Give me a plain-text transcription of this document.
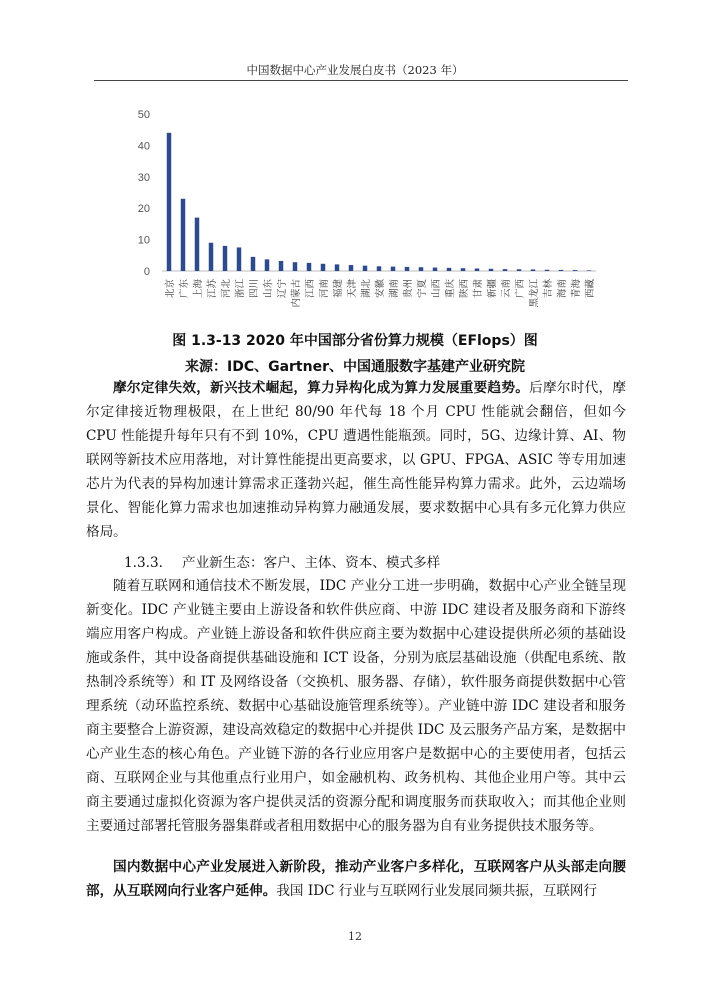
中国数据中心产业发展白皮书（2023 年）
0
10
20
30
40
50
北京 广东 上海 江苏 河北 浙江 四川 山东 辽宁 内蒙古 江西 河南 福建 天津 湖北 安徽 湖南 贵州 宁夏 山西 重庆 陕西 甘肃 新疆 云南 广西 黑龙江 吉林 海南 青海 西藏
图 1.3-13 2020 年中国部分省份算力规模（EFlops）图
来源：IDC、Gartner、中国通服数字基建产业研究院

摩尔定律失效，新兴技术崛起，算力异构化成为算力发展重要趋势。后摩尔时代，摩尔定律接近物理极限，在上世纪 80/90 年代每 18 个月 CPU 性能就会翻倍，但如今 CPU 性能提升每年只有不到 10%，CPU 遭遇性能瓶颈。同时，5G、边缘计算、AI、物联网等新技术应用落地，对计算性能提出更高要求，以 GPU、FPGA、ASIC 等专用加速芯片为代表的异构加速计算需求正蓬勃兴起，催生高性能异构算力需求。此外，云边端场景化、智能化算力需求也加速推动异构算力融通发展，要求数据中心具有多元化算力供应格局。

1.3.3. 产业新生态：客户、主体、资本、模式多样

随着互联网和通信技术不断发展，IDC 产业分工进一步明确，数据中心产业全链呈现新变化。IDC 产业链主要由上游设备和软件供应商、中游 IDC 建设者及服务商和下游终端应用客户构成。产业链上游设备和软件供应商主要为数据中心建设提供所必须的基础设施或条件，其中设备商提供基础设施和 ICT 设备，分别为底层基础设施（供配电系统、散热制冷系统等）和 IT 及网络设备（交换机、服务器、存储），软件服务商提供数据中心管理系统（动环监控系统、数据中心基础设施管理系统等）。产业链中游 IDC 建设者和服务商主要整合上游资源，建设高效稳定的数据中心并提供 IDC 及云服务产品方案，是数据中心产业生态的核心角色。产业链下游的各行业应用客户是数据中心的主要使用者，包括云商、互联网企业与其他重点行业用户，如金融机构、政务机构、其他企业用户等。其中云商主要通过虚拟化资源为客户提供灵活的资源分配和调度服务而获取收入；而其他企业则主要通过部署托管服务器集群或者租用数据中心的服务器为自有业务提供技术服务等。

国内数据中心产业发展进入新阶段，推动产业客户多样化，互联网客户从头部走向腰部，从互联网向行业客户延伸。我国 IDC 行业与互联网行业发展同频共振，互联网行

12
